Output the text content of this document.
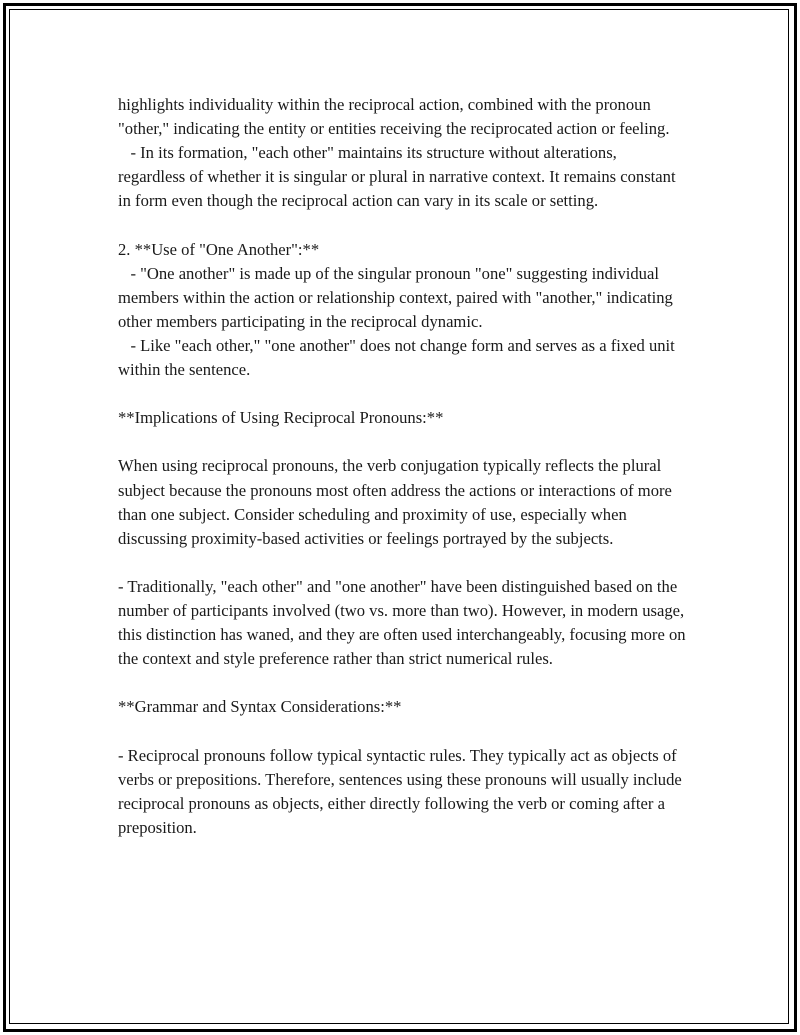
highlights individuality within the reciprocal action, combined with the pronoun "other," indicating the entity or entities receiving the reciprocated action or feeling.
- In its formation, "each other" maintains its structure without alterations, regardless of whether it is singular or plural in narrative context. It remains constant in form even though the reciprocal action can vary in its scale or setting.

2. **Use of "One Another":**
- "One another" is made up of the singular pronoun "one" suggesting individual members within the action or relationship context, paired with "another," indicating other members participating in the reciprocal dynamic.
- Like "each other," "one another" does not change form and serves as a fixed unit within the sentence.

**Implications of Using Reciprocal Pronouns:**

When using reciprocal pronouns, the verb conjugation typically reflects the plural subject because the pronouns most often address the actions or interactions of more than one subject. Consider scheduling and proximity of use, especially when discussing proximity-based activities or feelings portrayed by the subjects.

- Traditionally, "each other" and "one another" have been distinguished based on the number of participants involved (two vs. more than two). However, in modern usage, this distinction has waned, and they are often used interchangeably, focusing more on the context and style preference rather than strict numerical rules.

**Grammar and Syntax Considerations:**

- Reciprocal pronouns follow typical syntactic rules. They typically act as objects of verbs or prepositions. Therefore, sentences using these pronouns will usually include reciprocal pronouns as objects, either directly following the verb or coming after a preposition.
